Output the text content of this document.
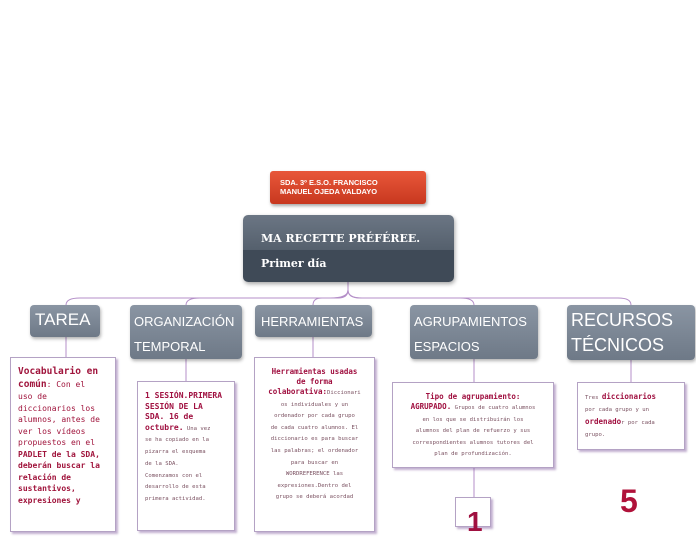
SDA. 3º E.S.O. FRANCISCO
MANUEL OJEDA VALDAYO
MA RECETTE PRÉFÉREE.
Primer día
TAREA	ORGANIZACIÓN
TEMPORAL
HERRAMIENTAS	AGRUPAMIENTOS
ESPACIOS
RECURSOS
TÉCNICOS
Vocabulario en
común: Con el
uso de
diccionarios los
alumnos, antes de
ver los vídeos
propuestos en el
PADLET de la SDA,
deberán buscar la
relación de
sustantivos,
expresiones y
1 SESIÓN.PRIMERA
SESIÓN DE LA
SDA. 16 de
octubre. Una vez
se ha copiado en la
pizarra el esquema
de la SDA.
Comenzamos con el
desarrollo de esta
primera actividad.
Herramientas usadas
de forma
colaborativa:Diccionari
os individuales y un
ordenador por cada grupo
de cada cuatro alumnos. El
diccionario es para buscar
las palabras; el ordenador
para buscar en
WORDREFERENCE las
expresiones.Dentro del
grupo se deberá acordad
Tipo de agrupamiento:
AGRUPADO. Grupos de cuatro alumnos
en los que se distribuirán los
alumnos del plan de refuerzo y sus
correspondientes alumnos tutores del
plan de profundización.
Tres diccionarios
por cada grupo y un
ordenador por cada
grupo.
1
5
